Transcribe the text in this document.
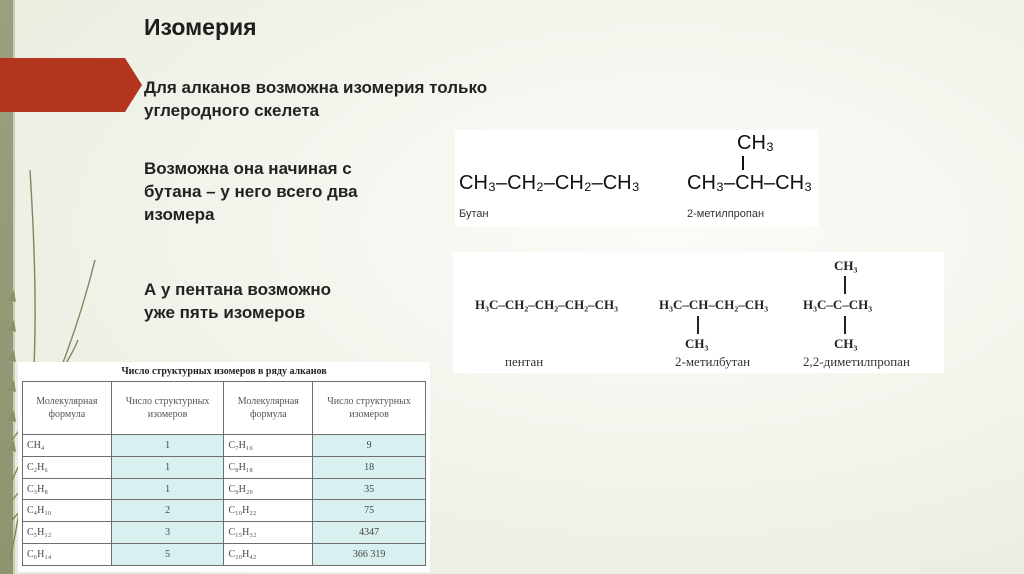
Изомерия

Для алканов возможна изомерия только
углеродного скелета

Возможна она начиная с
бутана – у него всего два
изомера

А у пентана возможно
уже пять изомеров

CH₃–CH₂–CH₂–CH₃
Бутан
CH₃
CH₃–CH–CH₃
2-метилпропан
H₃C–CH₂–CH₂–CH₂–CH₃
пентан
H₃C–CH–CH₂–CH₃
CH₃
2-метилбутан
CH₃
H₃C–C–CH₃
CH₃
2,2-диметилпропан
Число структурных изомеров в ряду алканов
Молекулярная формула	Число структурных изомеров	Молекулярная формула	Число структурных изомеров
CH₄	1	C₇H₁₆	9
C₂H₆	1	C₈H₁₈	18
C₃H₈	1	C₉H₂₀	35
C₄H₁₀	2	C₁₀H₂₂	75
C₅H₁₂	3	C₁₅H₃₂	4347
C₆H₁₄	5	C₂₀H₄₂	366 319
